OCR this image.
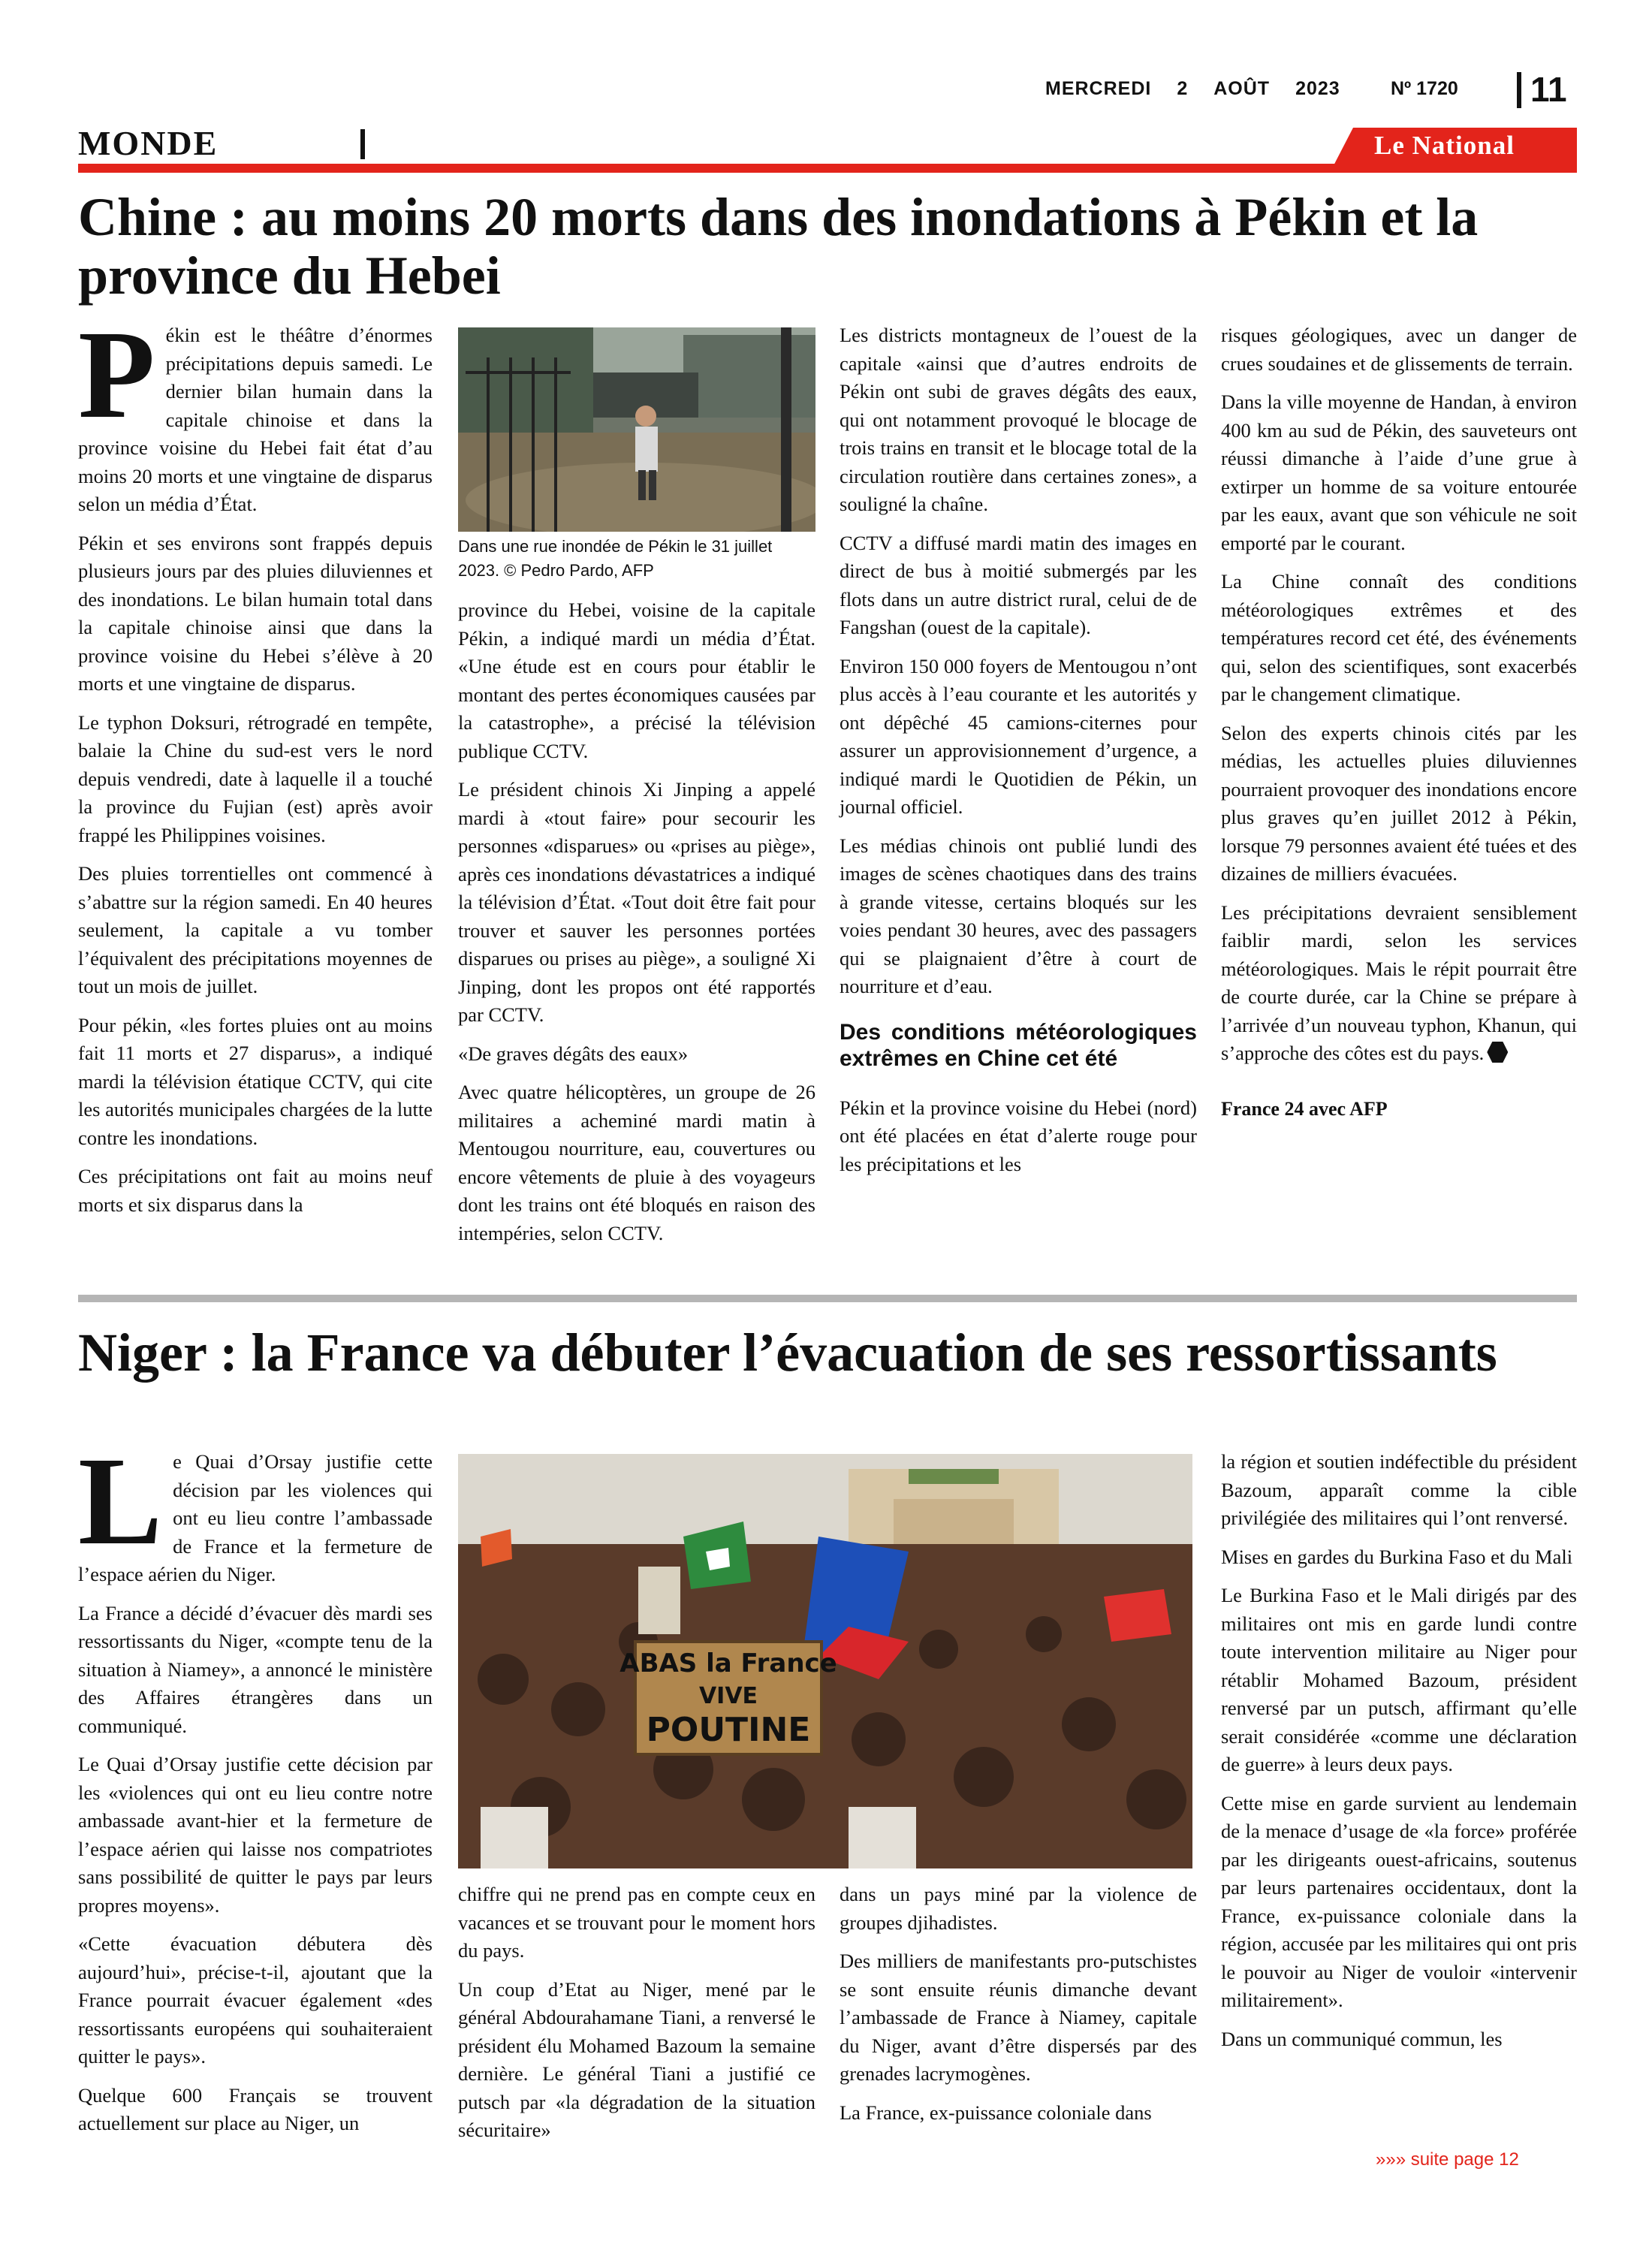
MERCREDI 2 AOÛT 2023	Nº 1720 11
MONDE	Le National
Chine : au moins 20 morts dans des inondations à Pékin et la province du Hebei

Pékin est le théâtre d’énormes précipitations depuis samedi. Le dernier bilan humain dans la capitale chinoise et dans la province voisine du Hebei fait état d’au moins 20 morts et une vingtaine de disparus selon un média d’État.

Pékin et ses environs sont frappés depuis plusieurs jours par des pluies diluviennes et des inondations. Le bilan humain total dans la capitale chinoise ainsi que dans la province voisine du Hebei s’élève à 20 morts et une vingtaine de disparus.

Le typhon Doksuri, rétrogradé en tempête, balaie la Chine du sud-est vers le nord depuis vendredi, date à laquelle il a touché la province du Fujian (est) après avoir frappé les Philippines voisines.

Des pluies torrentielles ont commencé à s’abattre sur la région samedi. En 40 heures seulement, la capitale a vu tomber l’équivalent des précipitations moyennes de tout un mois de juillet.

Pour pékin, «les fortes pluies ont au moins fait 11 morts et 27 disparus», a indiqué mardi la télévision étatique CCTV, qui cite les autorités municipales chargées de la lutte contre les inondations.

Ces précipitations ont fait au moins neuf morts et six disparus dans la

Dans une rue inondée de Pékin le 31 juillet 2023. © Pedro Pardo, AFP

province du Hebei, voisine de la capitale Pékin, a indiqué mardi un média d’État. «Une étude est en cours pour établir le montant des pertes économiques causées par la catastrophe», a précisé la télévision publique CCTV.

Le président chinois Xi Jinping a appelé mardi à «tout faire» pour secourir les personnes «disparues» ou «prises au piège», après ces inondations dévastatrices a indiqué la télévision d’État. «Tout doit être fait pour trouver et sauver les personnes portées disparues ou prises au piège», a souligné Xi Jinping, dont les propos ont été rapportés par CCTV.

«De graves dégâts des eaux»

Avec quatre hélicoptères, un groupe de 26 militaires a acheminé mardi matin à Mentougou nourriture, eau, couvertures ou encore vêtements de pluie à des voyageurs dont les trains ont été bloqués en raison des intempéries, selon CCTV.

Les districts montagneux de l’ouest de la capitale «ainsi que d’autres endroits de Pékin ont subi de graves dégâts des eaux, qui ont notamment provoqué le blocage de trois trains en transit et le blocage total de la circulation routière dans certaines zones», a souligné la chaîne.

CCTV a diffusé mardi matin des images en direct de bus à moitié submergés par les flots dans un autre district rural, celui de de Fangshan (ouest de la capitale).

Environ 150 000 foyers de Mentougou n’ont plus accès à l’eau courante et les autorités y ont dépêché 45 camions-citernes pour assurer un approvisionnement d’urgence, a indiqué mardi le Quotidien de Pékin, un journal officiel.

Les médias chinois ont publié lundi des images de scènes chaotiques dans des trains à grande vitesse, certains bloqués sur les voies pendant 30 heures, avec des passagers qui se plaignaient d’être à court de nourriture et d’eau.

Des conditions météorologiques extrêmes en Chine cet été

Pékin et la province voisine du Hebei (nord) ont été placées en état d’alerte rouge pour les précipitations et les

risques géologiques, avec un danger de crues soudaines et de glissements de terrain.

Dans la ville moyenne de Handan, à environ 400 km au sud de Pékin, des sauveteurs ont réussi dimanche à l’aide d’une grue à extirper un homme de sa voiture entourée par les eaux, avant que son véhicule ne soit emporté par le courant.

La Chine connaît des conditions météorologiques extrêmes et des températures record cet été, des événements qui, selon des scientifiques, sont exacerbés par le changement climatique.

Selon des experts chinois cités par les médias, les actuelles pluies diluviennes pourraient provoquer des inondations encore plus graves qu’en juillet 2012 à Pékin, lorsque 79 personnes avaient été tuées et des dizaines de milliers évacuées.

Les précipitations devraient sensiblement faiblir mardi, selon les services météorologiques. Mais le répit pourrait être de courte durée, car la Chine se prépare à l’arrivée d’un nouveau typhon, Khanun, qui s’approche des côtes est du pays.

France 24 avec AFP
Niger : la France va débuter l’évacuation de ses ressortissants

Le Quai d’Orsay justifie cette décision par les violences qui ont eu lieu contre l’ambassade de France et la fermeture de l’espace aérien du Niger.

La France a décidé d’évacuer dès mardi ses ressortissants du Niger, «compte tenu de la situation à Niamey», a annoncé le ministère des Affaires étrangères dans un communiqué.

Le Quai d’Orsay justifie cette décision par les «violences qui ont eu lieu contre notre ambassade avant-hier et la fermeture de l’espace aérien qui laisse nos compatriotes sans possibilité de quitter le pays par leurs propres moyens».

«Cette évacuation débutera dès aujourd’hui», précise-t-il, ajoutant que la France pourrait évacuer également «des ressortissants européens qui souhaiteraient quitter le pays».

Quelque 600 Français se trouvent actuellement sur place au Niger, un

ABAS la France
VIVE
POUTINE

chiffre qui ne prend pas en compte ceux en vacances et se trouvant pour le moment hors du pays.

Un coup d’Etat au Niger, mené par le général Abdourahamane Tiani, a renversé le président élu Mohamed Bazoum la semaine dernière. Le général Tiani a justifié ce putsch par «la dégradation de la situation sécuritaire»

dans un pays miné par la violence de groupes djihadistes.

Des milliers de manifestants pro-putschistes se sont ensuite réunis dimanche devant l’ambassade de France à Niamey, capitale du Niger, avant d’être dispersés par des grenades lacrymogènes.

La France, ex-puissance coloniale dans

la région et soutien indéfectible du président Bazoum, apparaît comme la cible privilégiée des militaires qui l’ont renversé.

Mises en gardes du Burkina Faso et du Mali

Le Burkina Faso et le Mali dirigés par des militaires ont mis en garde lundi contre toute intervention militaire au Niger pour rétablir Mohamed Bazoum, président renversé par un putsch, affirmant qu’elle serait considérée «comme une déclaration de guerre» à leurs deux pays.

Cette mise en garde survient au lendemain de la menace d’usage de «la force» proférée par les dirigeants ouest-africains, soutenus par leurs partenaires occidentaux, dont la France, ex-puissance coloniale dans la région, accusée par les militaires qui ont pris le pouvoir au Niger de vouloir «intervenir militairement».

Dans un communiqué commun, les

»»» suite page 12
